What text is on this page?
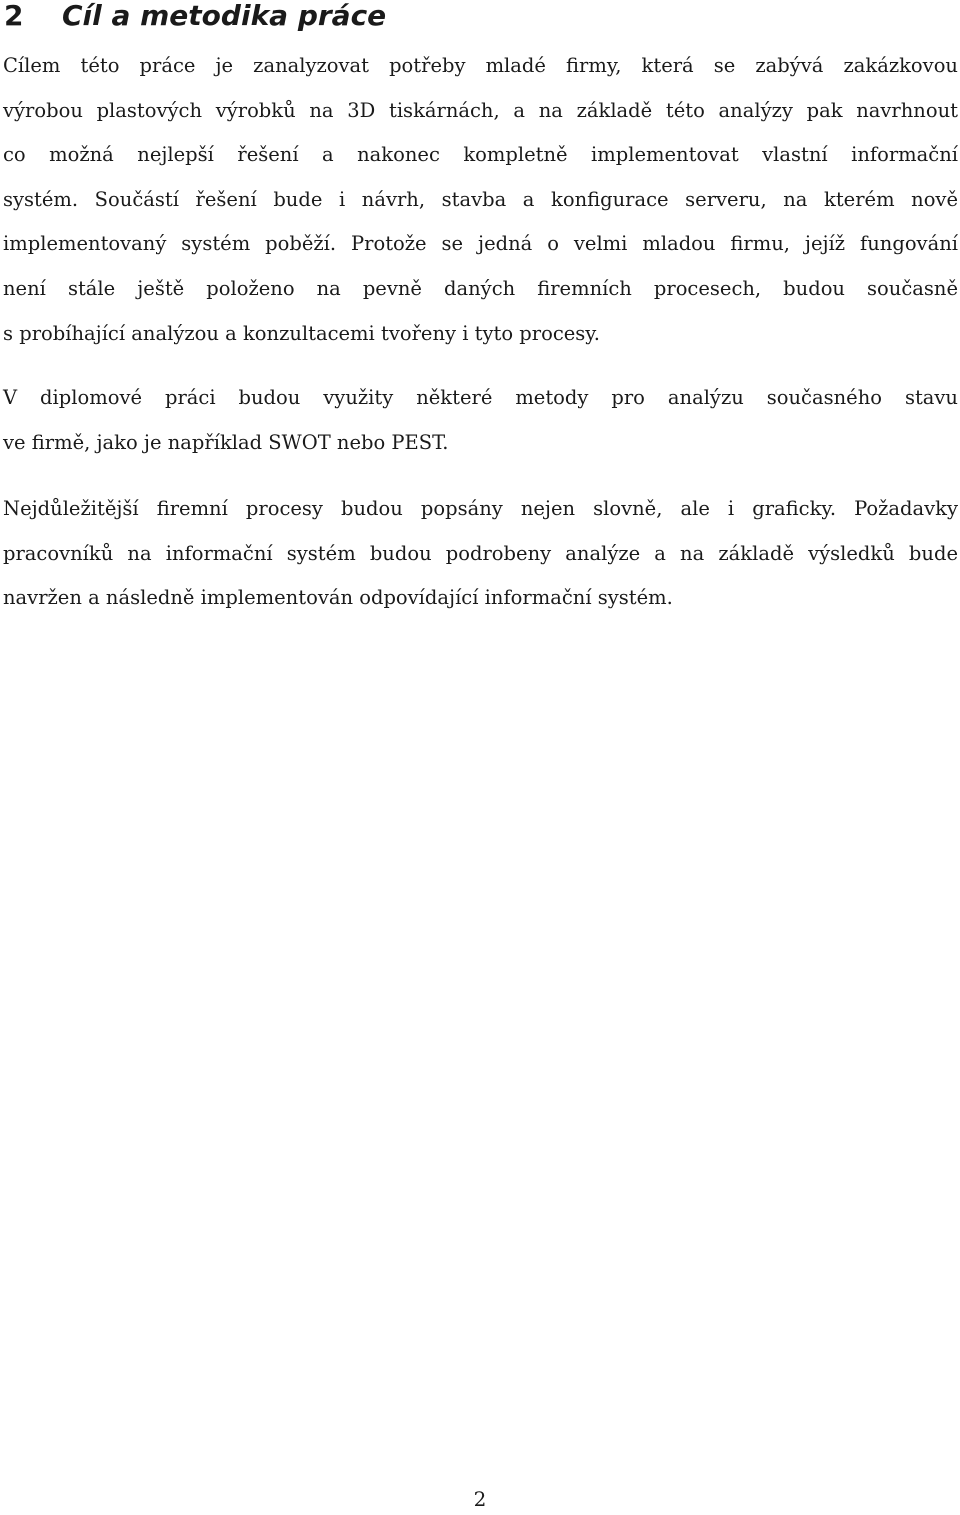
2 Cíl a metodika práce

Cílem této práce je zanalyzovat potřeby mladé firmy, která se zabývá zakázkovou
výrobou plastových výrobků na 3D tiskárnách, a na základě této analýzy pak navrhnout
co možná nejlepší řešení a nakonec kompletně implementovat vlastní informační
systém. Součástí řešení bude i návrh, stavba a konfigurace serveru, na kterém nově
implementovaný systém poběží. Protože se jedná o velmi mladou firmu, jejíž fungování
není stále ještě položeno na pevně daných firemních procesech, budou současně
s probíhající analýzou a konzultacemi tvořeny i tyto procesy.

V diplomové práci budou využity některé metody pro analýzu současného stavu
ve firmě, jako je například SWOT nebo PEST.

Nejdůležitější firemní procesy budou popsány nejen slovně, ale i graficky. Požadavky
pracovníků na informační systém budou podrobeny analýze a na základě výsledků bude
navržen a následně implementován odpovídající informační systém.

2
